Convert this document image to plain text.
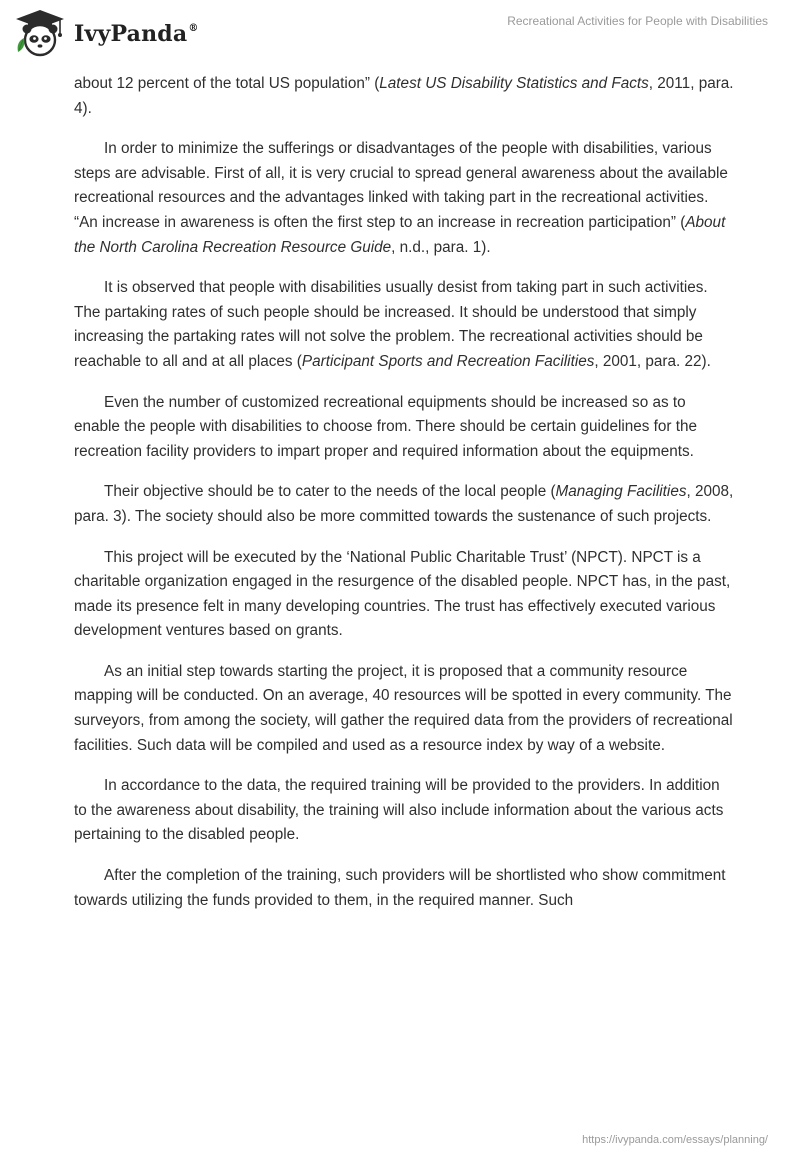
IvyPanda®
Recreational Activities for People with Disabilities

about 12 percent of the total US population” (Latest US Disability Statistics and Facts, 2011, para. 4).

In order to minimize the sufferings or disadvantages of the people with disabilities, various steps are advisable. First of all, it is very crucial to spread general awareness about the available recreational resources and the advantages linked with taking part in the recreational activities. “An increase in awareness is often the first step to an increase in recreation participation” (About the North Carolina Recreation Resource Guide, n.d., para. 1).

It is observed that people with disabilities usually desist from taking part in such activities. The partaking rates of such people should be increased. It should be understood that simply increasing the partaking rates will not solve the problem. The recreational activities should be reachable to all and at all places (Participant Sports and Recreation Facilities, 2001, para. 22).

Even the number of customized recreational equipments should be increased so as to enable the people with disabilities to choose from. There should be certain guidelines for the recreation facility providers to impart proper and required information about the equipments.

Their objective should be to cater to the needs of the local people (Managing Facilities, 2008, para. 3). The society should also be more committed towards the sustenance of such projects.

This project will be executed by the ‘National Public Charitable Trust’ (NPCT). NPCT is a charitable organization engaged in the resurgence of the disabled people. NPCT has, in the past, made its presence felt in many developing countries. The trust has effectively executed various development ventures based on grants.

As an initial step towards starting the project, it is proposed that a community resource mapping will be conducted. On an average, 40 resources will be spotted in every community. The surveyors, from among the society, will gather the required data from the providers of recreational facilities. Such data will be compiled and used as a resource index by way of a website.

In accordance to the data, the required training will be provided to the providers. In addition to the awareness about disability, the training will also include information about the various acts pertaining to the disabled people.

After the completion of the training, such providers will be shortlisted who show commitment towards utilizing the funds provided to them, in the required manner. Such

https://ivypanda.com/essays/planning/
